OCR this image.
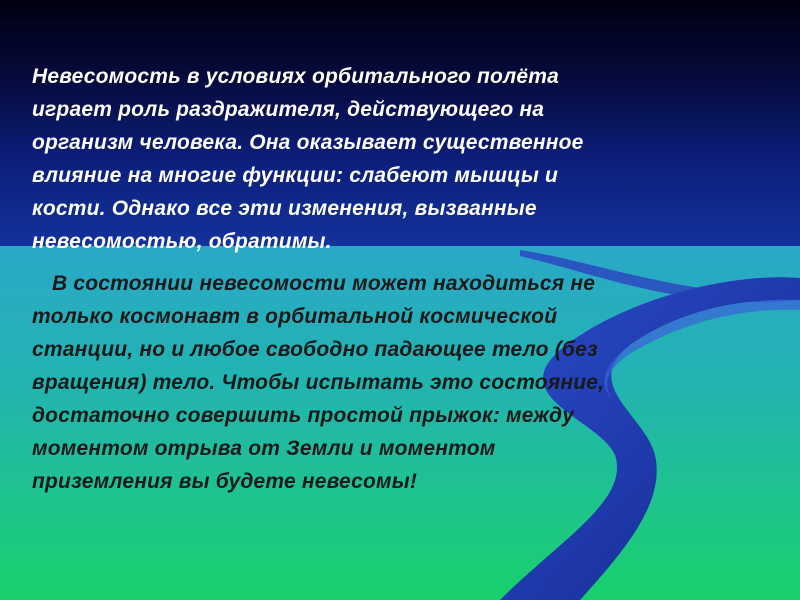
Невесомость в условиях орбитального полёта
играет роль раздражителя, действующего на
организм человека. Она оказывает существенное
влияние на многие функции: слабеют мышцы и
кости. Однако все эти изменения, вызванные
невесомостью, обратимы.

В состоянии невесомости может находиться не
только космонавт в орбитальной космической
станции, но и любое свободно падающее тело (без
вращения) тело. Чтобы испытать это состояние,
достаточно совершить простой прыжок: между
моментом отрыва от Земли и моментом
приземления вы будете невесомы!
